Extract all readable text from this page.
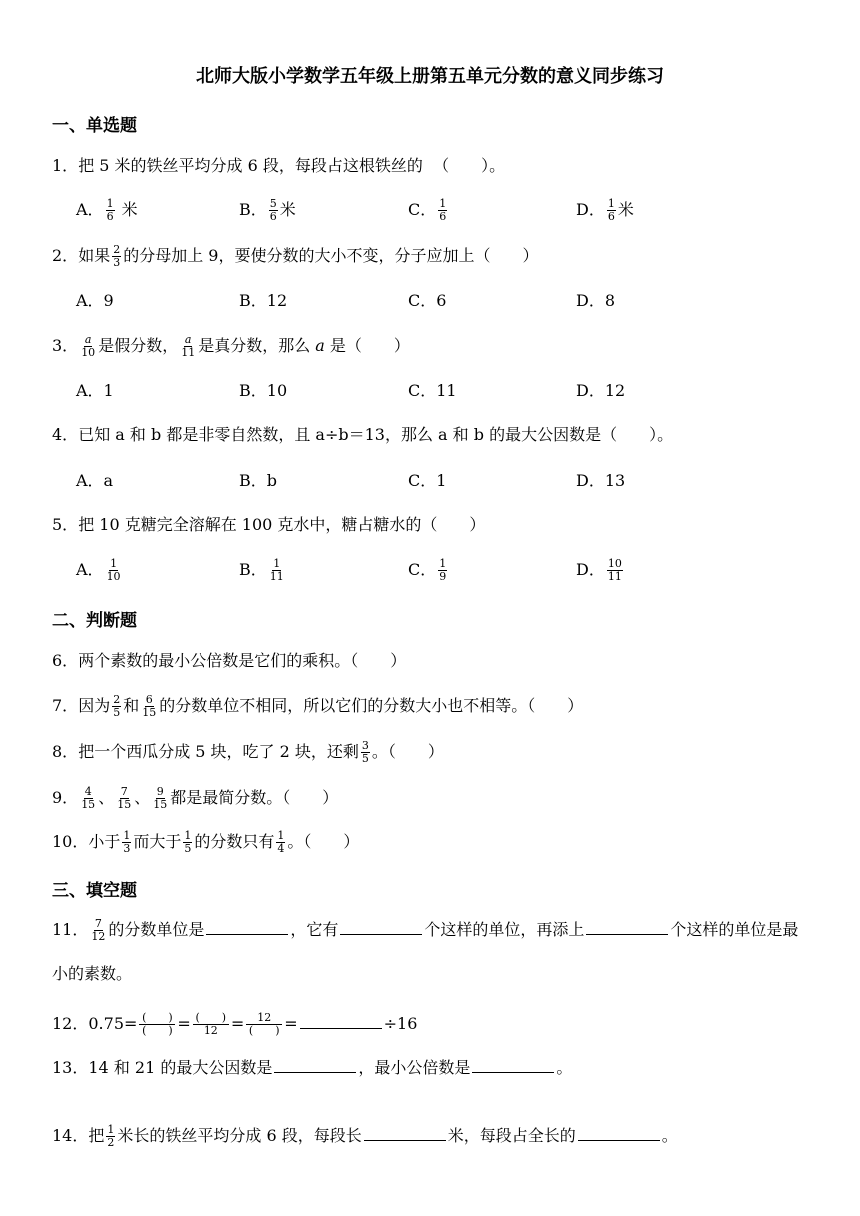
北师大版小学数学五年级上册第五单元分数的意义同步练习
一、单选题
1．把 5 米的铁丝平均分成 6 段，每段占这根铁丝的 （　　）。
A． $\frac{1}{6}$ 米	B． $\frac{5}{6}$ 米	C． $\frac{1}{6}$	D． $\frac{1}{6}$ 米
2．如果 $\frac{2}{3}$ 的分母加上 9，要使分数的大小不变，分子应加上（　　）
A．9	B．12	C．6	D．8
3． $\frac{a}{10}$ 是假分数， $\frac{a}{11}$ 是真分数，那么 a 是（　　）
A．1	B．10	C．11	D．12
4．已知 a 和 b 都是非零自然数，且 a÷b＝13，那么 a 和 b 的最大公因数是（　　）。
A．a	B．b	C．1	D．13
5．把 10 克糖完全溶解在 100 克水中，糖占糖水的（　　）
A． $\frac{1}{10}$	B． $\frac{1}{11}$	C． $\frac{1}{9}$	D． $\frac{10}{11}$
二、判断题
6．两个素数的最小公倍数是它们的乘积。（　　）
7．因为 $\frac{2}{5}$ 和 $\frac{6}{15}$ 的分数单位不相同，所以它们的分数大小也不相等。（　　）
8．把一个西瓜分成 5 块，吃了 2 块，还剩 $\frac{3}{5}$ 。（　　）
9． $\frac{4}{15}$ 、 $\frac{7}{15}$ 、 $\frac{9}{15}$ 都是最简分数。（　　）
10．小于 $\frac{1}{3}$ 而大于 $\frac{1}{5}$ 的分数只有 $\frac{1}{4}$ 。（　　）
三、填空题
11． $\frac{7}{12}$ 的分数单位是	，它有	个这样的单位，再添上	个这样的单位是最小的素数。
12．$0.75= \frac{( )}{( )} = \frac{( )}{12} = \frac{12}{( )}$ =	÷16
13．14 和 21 的最大公因数是	，最小公倍数是	。
14．把 $\frac{1}{2}$ 米长的铁丝平均分成 6 段，每段长	米，每段占全长的	。
